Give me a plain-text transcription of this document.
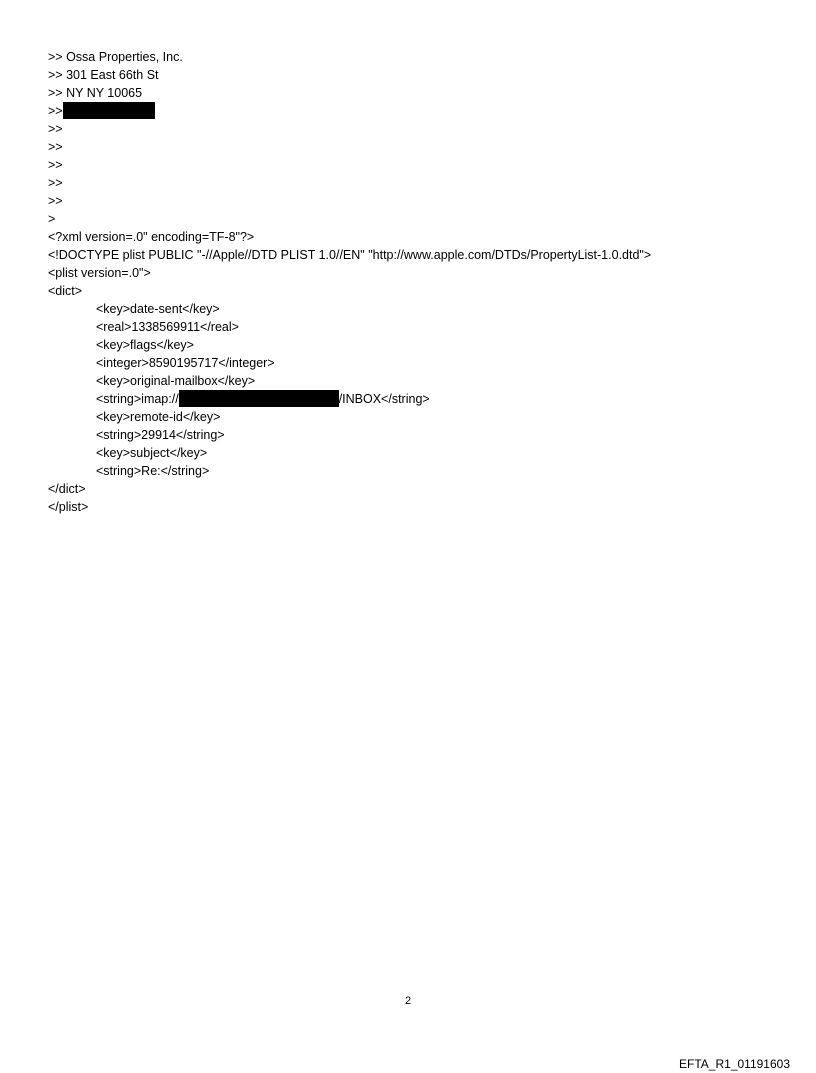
>> Ossa Properties, Inc.
>> 301 East 66th St
>> NY NY 10065
>>
>>
>>
>>
>>
>>
>
<?xml version=.0" encoding=TF-8"?>
<!DOCTYPE plist PUBLIC "-//Apple//DTD PLIST 1.0//EN" "http://www.apple.com/DTDs/PropertyList-1.0.dtd">
<plist version=.0">
<dict>
<key>date-sent</key>
<real>1338569911</real>
<key>flags</key>
<integer>8590195717</integer>
<key>original-mailbox</key>
<string>imap://	/INBOX</string>
<key>remote-id</key>
<string>29914</string>
<key>subject</key>
<string>Re:</string>
</dict>
</plist>
2
EFTA_R1_01191603
